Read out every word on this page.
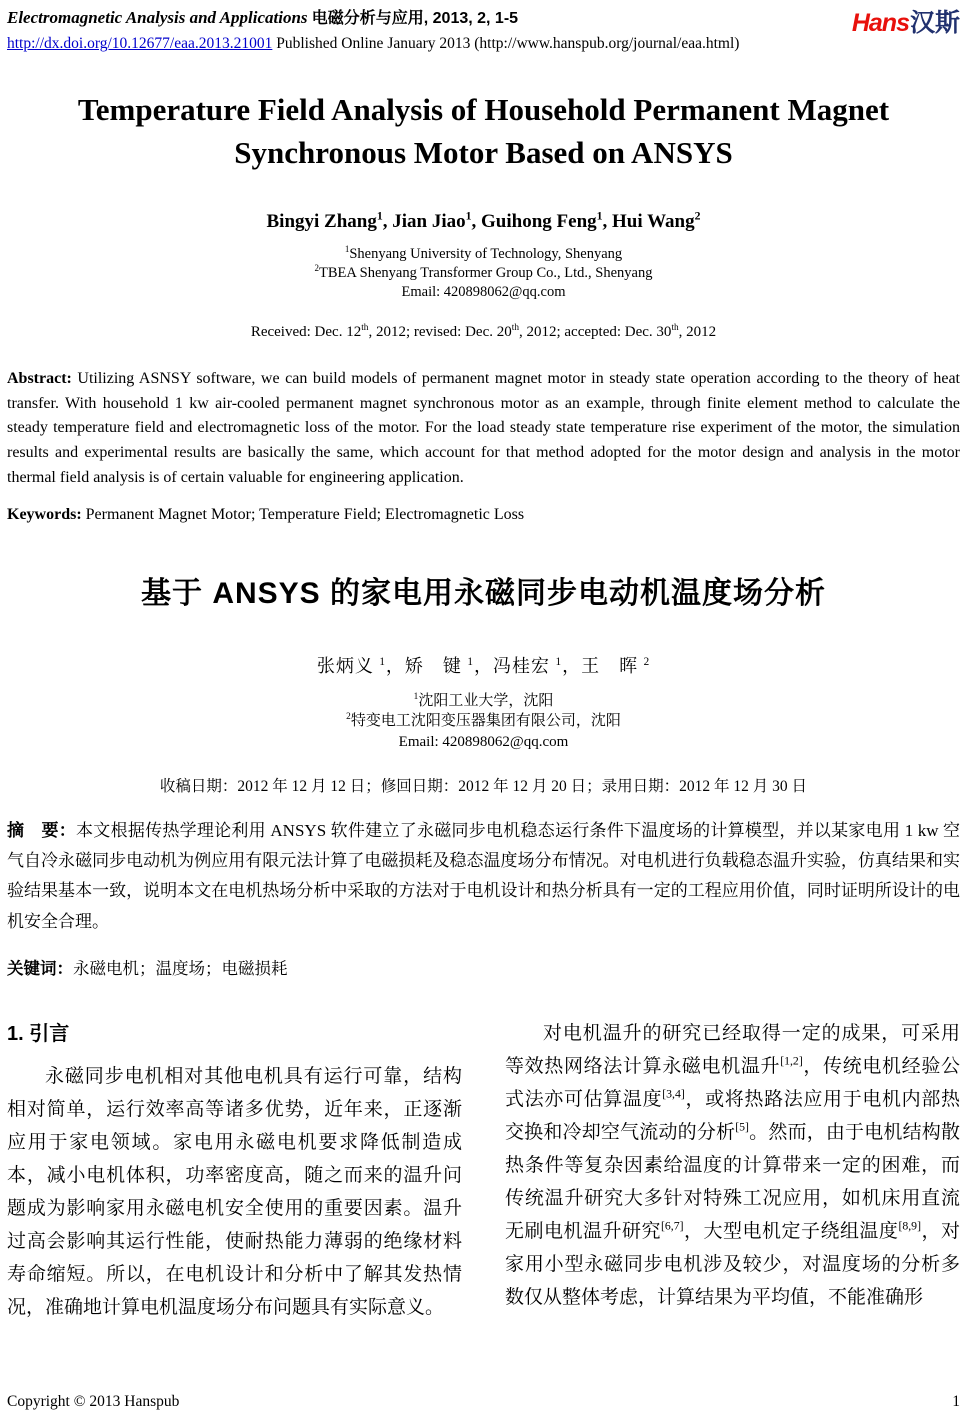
Electromagnetic Analysis and Applications 电磁分析与应用, 2013, 2, 1-5
http://dx.doi.org/10.12677/eaa.2013.21001 Published Online January 2013 (http://www.hanspub.org/journal/eaa.html)
Hans汉斯
Temperature Field Analysis of Household Permanent Magnet Synchronous Motor Based on ANSYS
Bingyi Zhang$^1$, Jian Jiao$^1$, Guihong Feng$^1$, Hui Wang$^2$
$^1$Shenyang University of Technology, Shenyang
$^2$TBEA Shenyang Transformer Group Co., Ltd., Shenyang
Email: 420898062@qq.com
Received: Dec. 12th, 2012; revised: Dec. 20th, 2012; accepted: Dec. 30th, 2012
Abstract: Utilizing ASNSY software, we can build models of permanent magnet motor in steady state operation according to the theory of heat transfer. With household 1 kw air-cooled permanent magnet synchronous motor as an example, through finite element method to calculate the steady temperature field and electromagnetic loss of the motor. For the load steady state temperature rise experiment of the motor, the simulation results and experimental results are basically the same, which account for that method adopted for the motor design and analysis in the motor thermal field analysis is of certain valuable for engineering application.
Keywords: Permanent Magnet Motor; Temperature Field; Electromagnetic Loss
基于 ANSYS 的家电用永磁同步电动机温度场分析
张炳义 $^1$，矫　键 $^1$，冯桂宏 $^1$，王　晖 $^2$
$^1$沈阳工业大学，沈阳
$^2$特变电工沈阳变压器集团有限公司，沈阳
Email: 420898062@qq.com
收稿日期：2012 年 12 月 12 日；修回日期：2012 年 12 月 20 日；录用日期：2012 年 12 月 30 日
摘　要：本文根据传热学理论利用 ANSYS 软件建立了永磁同步电机稳态运行条件下温度场的计算模型，并以某家电用 1 kw 空气自冷永磁同步电动机为例应用有限元法计算了电磁损耗及稳态温度场分布情况。对电机进行负载稳态温升实验，仿真结果和实验结果基本一致，说明本文在电机热场分析中采取的方法对于电机设计和热分析具有一定的工程应用价值，同时证明所设计的电机安全合理。
关键词：永磁电机；温度场；电磁损耗
1. 引言

永磁同步电机相对其他电机具有运行可靠，结构相对简单，运行效率高等诸多优势，近年来，正逐渐应用于家电领域。家电用永磁电机要求降低制造成本，减小电机体积，功率密度高，随之而来的温升问题成为影响家用永磁电机安全使用的重要因素。温升过高会影响其运行性能，使耐热能力薄弱的绝缘材料寿命缩短。所以，在电机设计和分析中了解其发热情况，准确地计算电机温度场分布问题具有实际意义。

对电机温升的研究已经取得一定的成果，可采用等效热网络法计算永磁电机温升[1,2]，传统电机经验公式法亦可估算温度[3,4]，或将热路法应用于电机内部热交换和冷却空气流动的分析[5]。然而，由于电机结构散热条件等复杂因素给温度的计算带来一定的困难，而传统温升研究大多针对特殊工况应用，如机床用直流无刷电机温升研究[6,7]，大型电机定子绕组温度[8,9]，对家用小型永磁同步电机涉及较少，对温度场的分析多数仅从整体考虑，计算结果为平均值，不能准确形

Copyright © 2013 Hanspub	1
